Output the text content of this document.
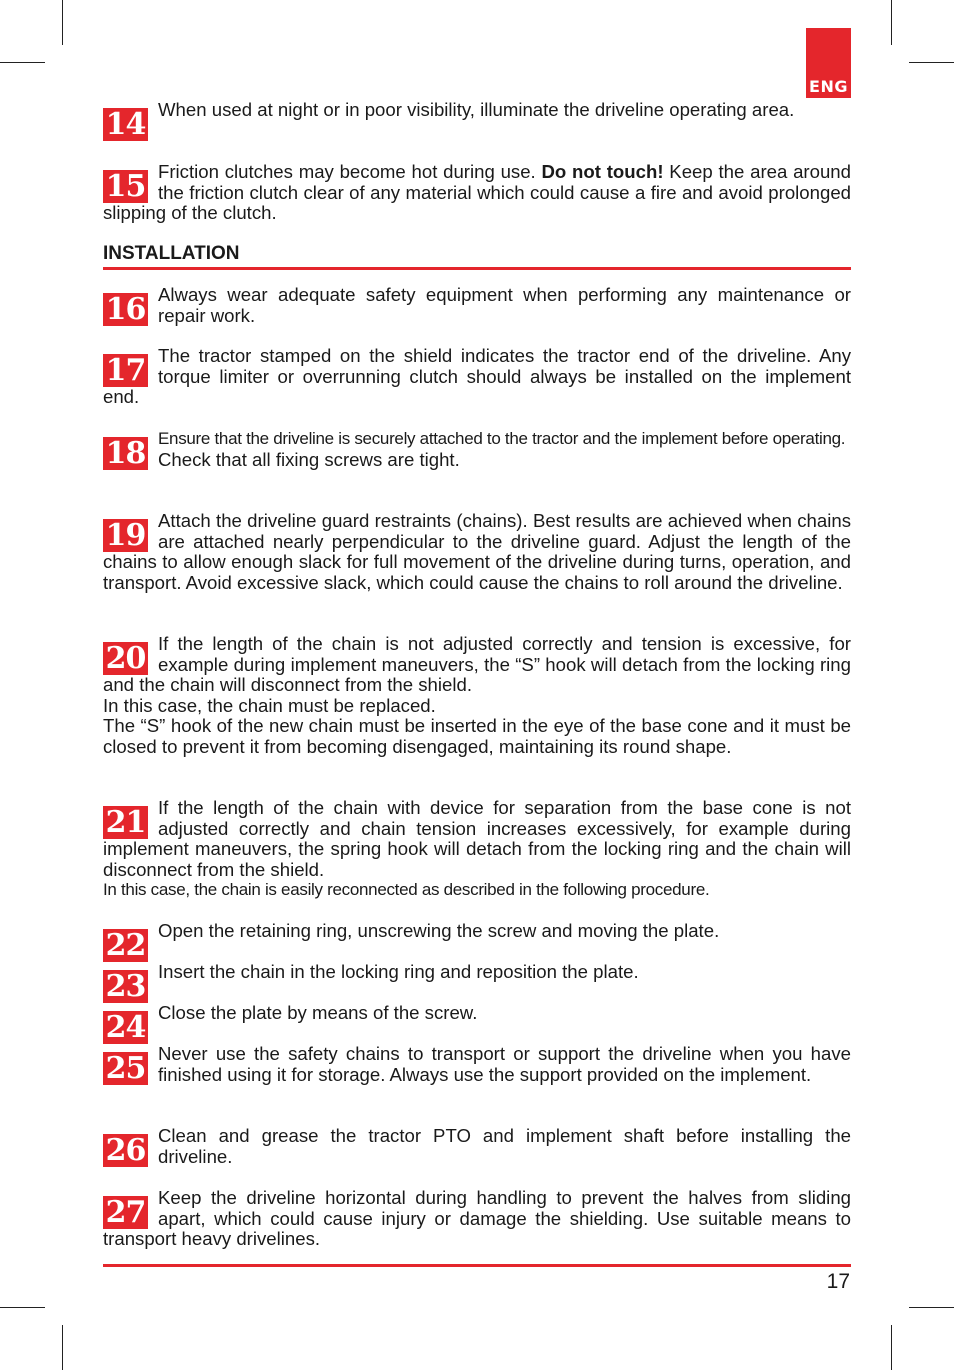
ENG
14 When used at night or in poor visibility, illuminate the driveline operating area.

15 Friction clutches may become hot during use. Do not touch! Keep the area around the friction clutch clear of any material which could cause a fire and avoid prolonged slipping of the clutch.

INSTALLATION
16 Always wear adequate safety equipment when performing any maintenance or repair work.

17 The tractor stamped on the shield indicates the tractor end of the driveline. Any torque limiter or overrunning clutch should always be installed on the implement end.

18 Ensure that the driveline is securely attached to the tractor and the implement before operating.

Check that all fixing screws are tight.

19 Attach the driveline guard restraints (chains). Best results are achieved when chains are attached nearly perpendicular to the driveline guard. Adjust the length of the chains to allow enough slack for full movement of the driveline during turns, operation, and transport. Avoid excessive slack, which could cause the chains to roll around the driveline.

20 If the length of the chain is not adjusted correctly and tension is excessive, for example during implement maneuvers, the “S” hook will detach from the locking ring and the chain will disconnect from the shield.

In this case, the chain must be replaced.

The “S” hook of the new chain must be inserted in the eye of the base cone and it must be closed to prevent it from becoming disengaged, maintaining its round shape.

21 If the length of the chain with device for separation from the base cone is not adjusted correctly and chain tension increases excessively, for example during implement maneuvers, the spring hook will detach from the locking ring and the chain will disconnect from the shield.

In this case, the chain is easily reconnected as described in the following procedure.

22 Open the retaining ring, unscrewing the screw and moving the plate.

23 Insert the chain in the locking ring and reposition the plate.

24 Close the plate by means of the screw.

25 Never use the safety chains to transport or support the driveline when you have finished using it for storage. Always use the support provided on the implement.

26 Clean and grease the tractor PTO and implement shaft before installing the driveline.

27 Keep the driveline horizontal during handling to prevent the halves from sliding apart, which could cause injury or damage the shielding. Use suitable means to transport heavy drivelines.

17
